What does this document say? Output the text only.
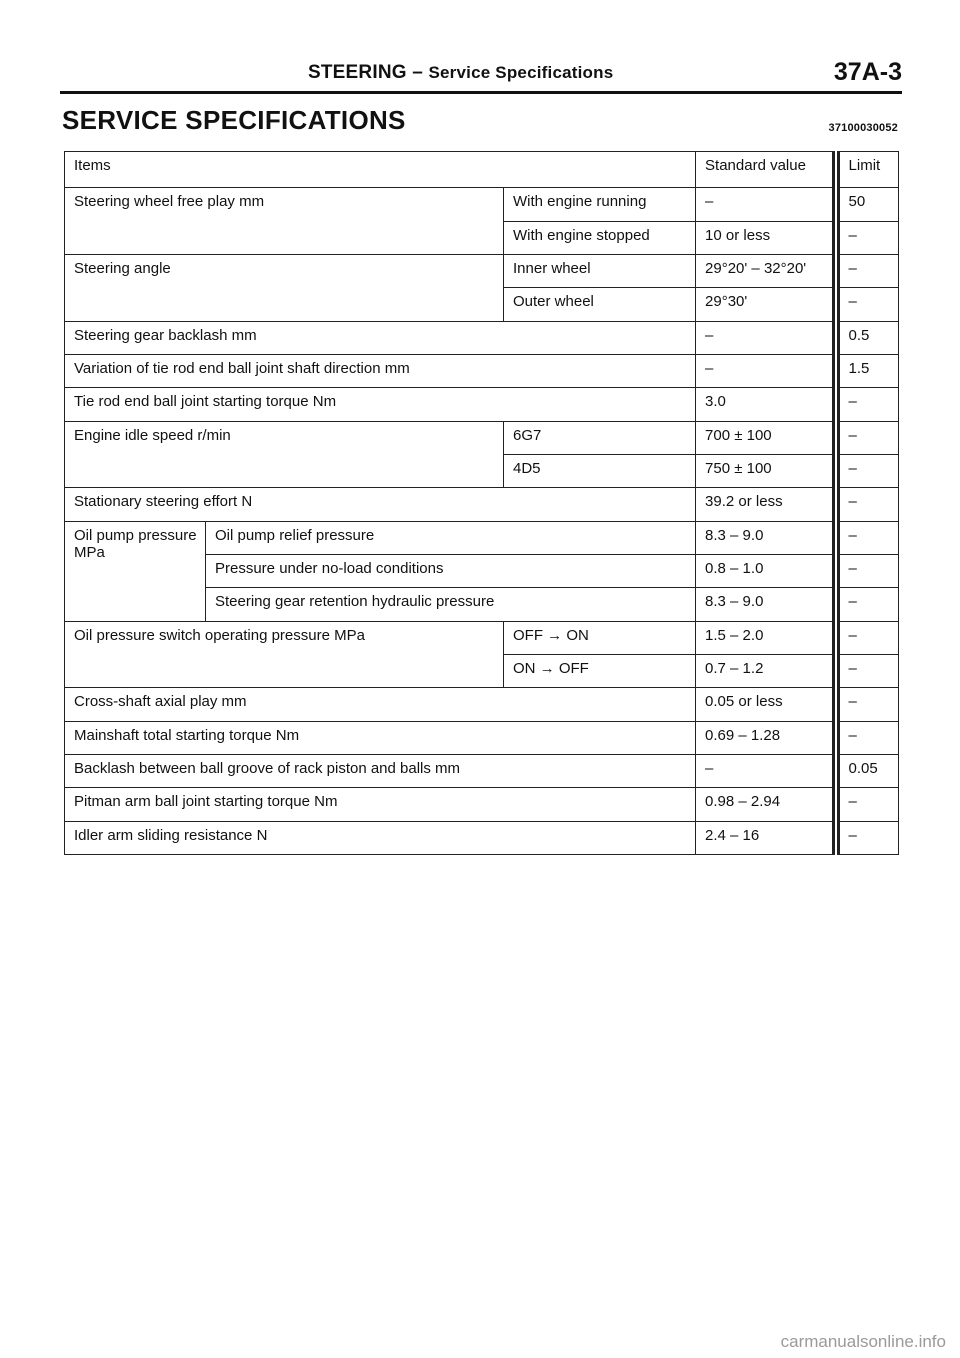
STEERING – Service Specifications	37A-3
SERVICE SPECIFICATIONS	37100030052
Items			Standard value	Limit
Steering wheel free play mm		With engine running	–	50
		With engine stopped	10 or less	–
Steering angle		Inner wheel	29°20' – 32°20'	–
		Outer wheel	29°30'	–
Steering gear backlash mm			–	0.5
Variation of tie rod end ball joint shaft direction mm			–	1.5
Tie rod end ball joint starting torque Nm			3.0	–
Engine idle speed r/min		6G7	700 ± 100	–
		4D5	750 ± 100	–
Stationary steering effort N			39.2 or less	–
Oil pump pressure MPa	Oil pump relief pressure		8.3 – 9.0	–
	Pressure under no-load conditions		0.8 – 1.0	–
	Steering gear retention hydraulic pressure		8.3 – 9.0	–
Oil pressure switch operating pressure MPa		OFF → ON	1.5 – 2.0	–
		ON → OFF	0.7 – 1.2	–
Cross-shaft axial play mm			0.05 or less	–
Mainshaft total starting torque Nm			0.69 – 1.28	–
Backlash between ball groove of rack piston and balls mm			–	0.05
Pitman arm ball joint starting torque Nm			0.98 – 2.94	–
Idler arm sliding resistance N			2.4 – 16	–
carmanualsonline.info
